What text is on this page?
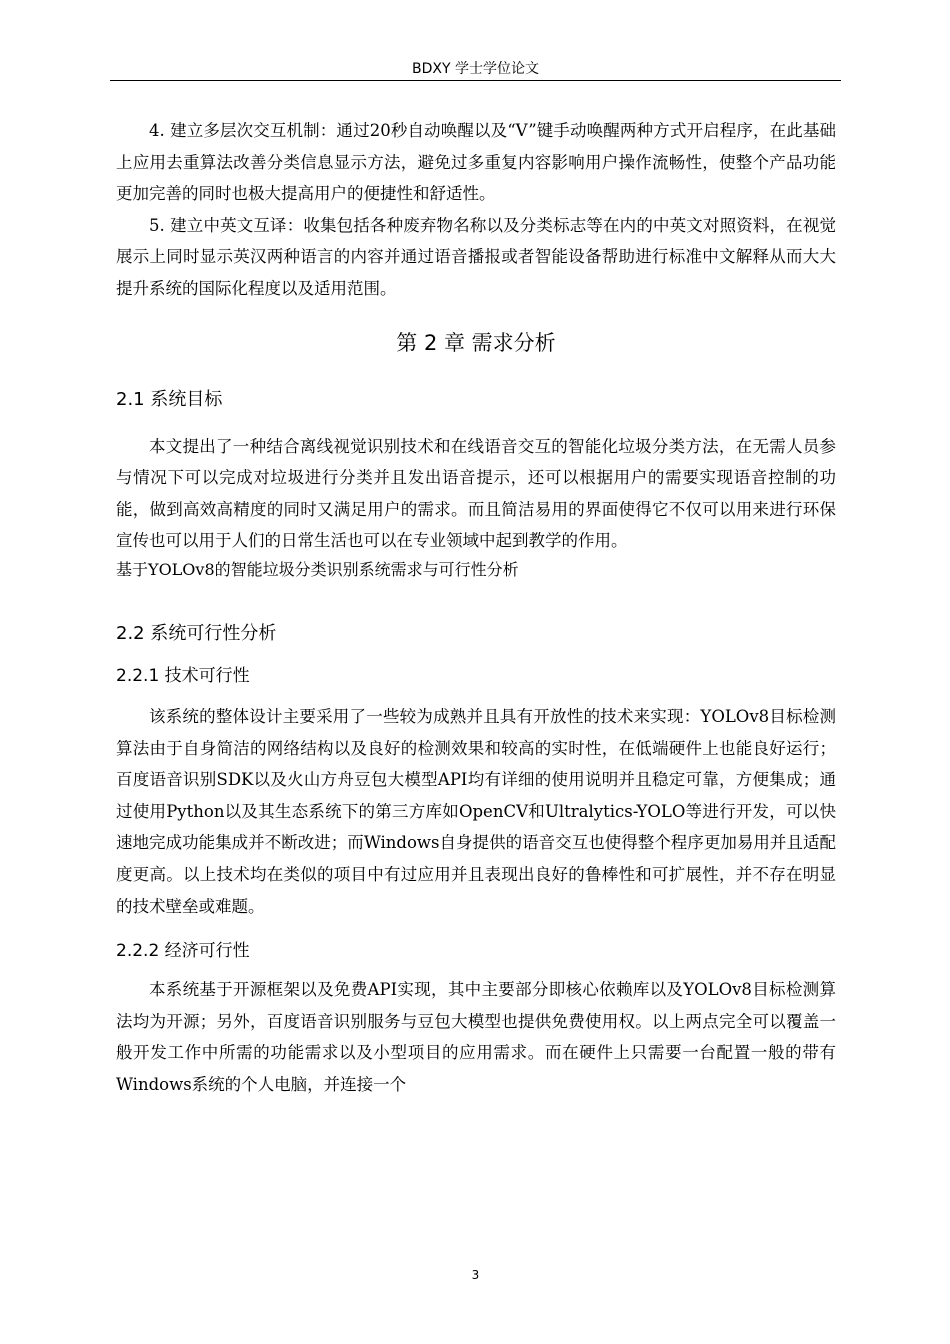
BDXY 学士学位论文

4. 建立多层次交互机制：通过20秒自动唤醒以及“V”键手动唤醒两种方式开启程序，在此基础上应用去重算法改善分类信息显示方法，避免过多重复内容影响用户操作流畅性，使整个产品功能更加完善的同时也极大提高用户的便捷性和舒适性。

5. 建立中英文互译：收集包括各种废弃物名称以及分类标志等在内的中英文对照资料，在视觉展示上同时显示英汉两种语言的内容并通过语音播报或者智能设备帮助进行标准中文解释从而大大提升系统的国际化程度以及适用范围。

第 2 章 需求分析
2.1 系统目标

本文提出了一种结合离线视觉识别技术和在线语音交互的智能化垃圾分类方法，在无需人员参与情况下可以完成对垃圾进行分类并且发出语音提示，还可以根据用户的需要实现语音控制的功能，做到高效高精度的同时又满足用户的需求。而且简洁易用的界面使得它不仅可以用来进行环保宣传也可以用于人们的日常生活也可以在专业领域中起到教学的作用。

基于YOLOv8的智能垃圾分类识别系统需求与可行性分析

2.2 系统可行性分析
2.2.1 技术可行性

该系统的整体设计主要采用了一些较为成熟并且具有开放性的技术来实现：YOLOv8目标检测算法由于自身简洁的网络结构以及良好的检测效果和较高的实时性，在低端硬件上也能良好运行；百度语音识别SDK以及火山方舟豆包大模型API均有详细的使用说明并且稳定可靠，方便集成；通过使用Python以及其生态系统下的第三方库如OpenCV和Ultralytics-YOLO等进行开发，可以快速地完成功能集成并不断改进；而Windows自身提供的语音交互也使得整个程序更加易用并且适配度更高。以上技术均在类似的项目中有过应用并且表现出良好的鲁棒性和可扩展性，并不存在明显的技术壁垒或难题。

2.2.2 经济可行性

本系统基于开源框架以及免费API实现，其中主要部分即核心依赖库以及YOLOv8目标检测算法均为开源；另外，百度语音识别服务与豆包大模型也提供免费使用权。以上两点完全可以覆盖一般开发工作中所需的功能需求以及小型项目的应用需求。而在硬件上只需要一台配置一般的带有Windows系统的个人电脑，并连接一个

3
